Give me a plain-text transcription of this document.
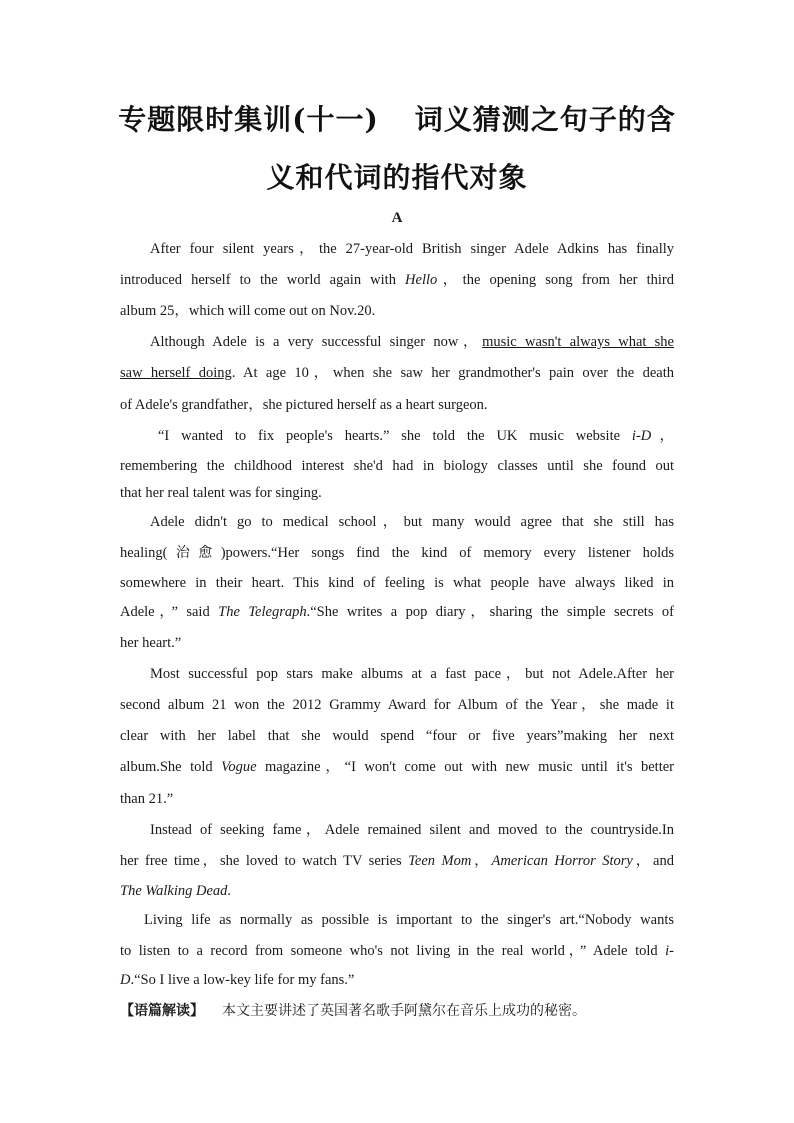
专题限时集训(十一) 词义猜测之句子的含
义和代词的指代对象
A
After four silent years，the 27-year-old British singer Adele Adkins has finally
introduced herself to the world again with Hello，the opening song from her third
album 25，which will come out on Nov.20.
Although Adele is a very successful singer now，music wasn't always what she
saw herself doing. At age 10，when she saw her grandmother's pain over the death
of Adele's grandfather，she pictured herself as a heart surgeon.
“I wanted to fix people's hearts.” she told the UK music website i-D，
remembering the childhood interest she'd had in biology classes until she found out
that her real talent was for singing.
Adele didn't go to medical school，but many would agree that she still has
healing(治愈)powers.“Her songs find the kind of memory every listener holds
somewhere in their heart. This kind of feeling is what people have always liked in
Adele，” said The Telegraph.“She writes a pop diary，sharing the simple secrets of
her heart.”
Most successful pop stars make albums at a fast pace，but not Adele.After her
second album 21 won the 2012 Grammy Award for Album of the Year，she made it
clear with her label that she would spend “four or five years”making her next
album.She told Vogue magazine，“I won't come out with new music until it's better
than 21.”
Instead of seeking fame，Adele remained silent and moved to the countryside.In
her free time，she loved to watch TV series Teen Mom，American Horror Story，and
The Walking Dead.
Living life as normally as possible is important to the singer's art.“Nobody wants
to listen to a record from someone who's not living in the real world，” Adele told i-
D.“So I live a low-key life for my fans.”
【语篇解读】 本文主要讲述了英国著名歌手阿黛尔在音乐上成功的秘密。
